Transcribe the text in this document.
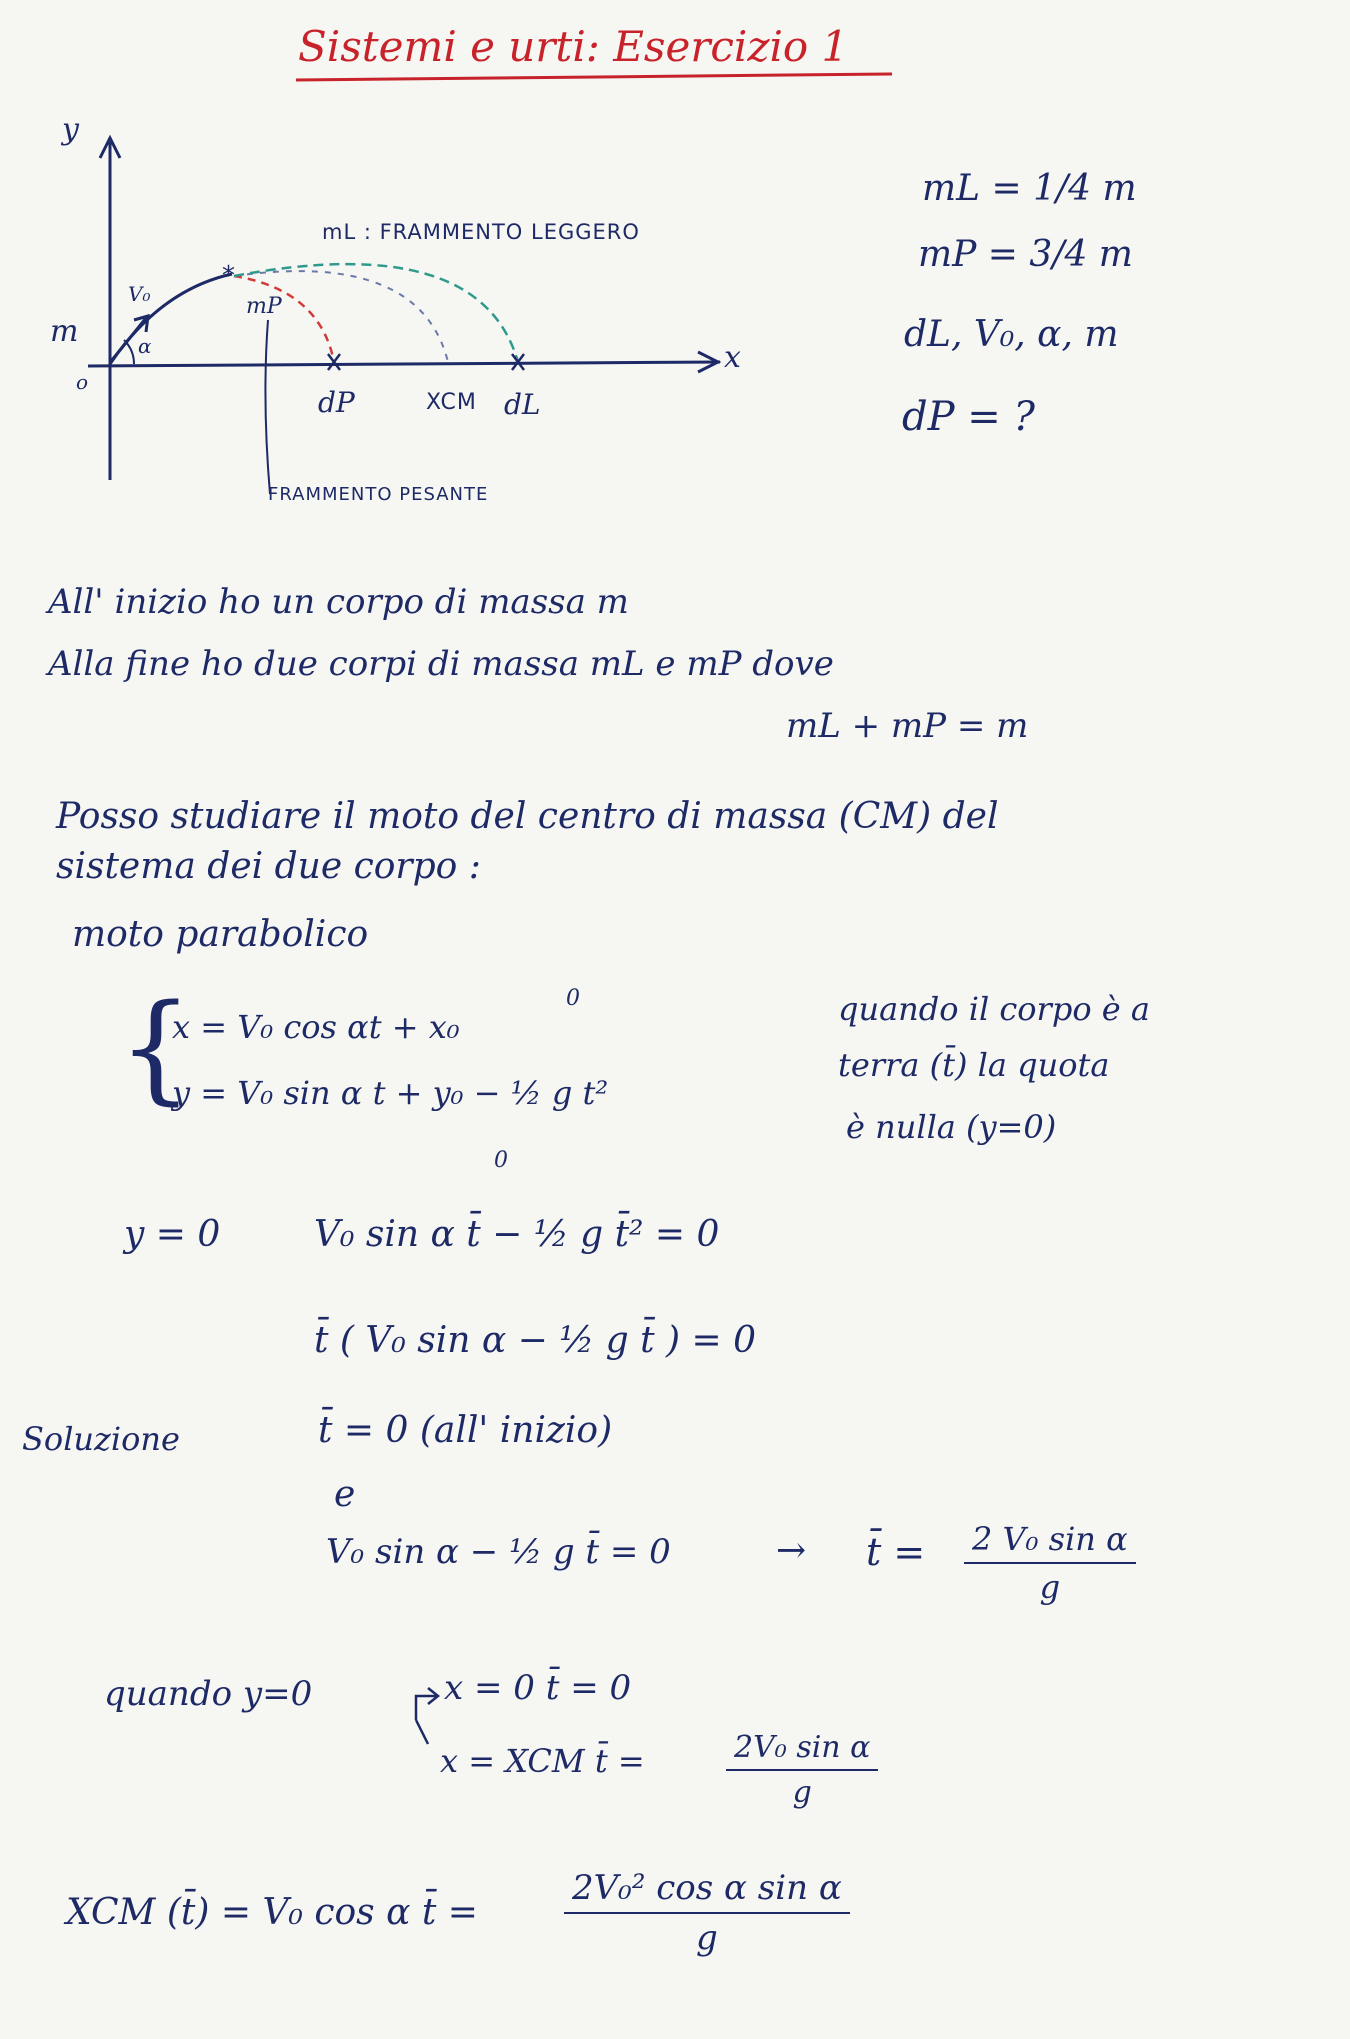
Sistemi e urti: Esercizio 1
*
y
x
o
m
V₀
α
mL : FRAMMENTO LEGGERO
mP
FRAMMENTO PESANTE
dP	XCM dL
mL = 1/4 m
mP = 3/4 m
dL, V₀, α, m
dP = ?
All' inizio ho un corpo di massa m
Alla fine ho due corpi di massa mL e mP dove
mL + mP = m
Posso studiare il moto del centro di massa (CM) del
sistema dei due corpo :
moto parabolico
{
x = V₀ cos αt + x₀
0
y = V₀ sin α t + y₀ − ½ g t²
0
quando il corpo è a
terra (t̄) la quota
è nulla (y=0)
y = 0	V₀ sin α t̄ − ½ g t̄² = 0
t̄ ( V₀ sin α − ½ g t̄ ) = 0
Soluzione	t̄ = 0 (all' inizio)
e
V₀ sin α − ½ g t̄ = 0	→ t̄ = $\frac{\text{2 V₀ sin α}}{g}$
quando y=0	x = 0 t̄ = 0
x = XCM t̄ =	$\frac{\text{2V₀ sin α}}{g}$
XCM (t̄) = V₀ cos α t̄ =	$\frac{\text{2V₀² cos α sin α}}{g}$
